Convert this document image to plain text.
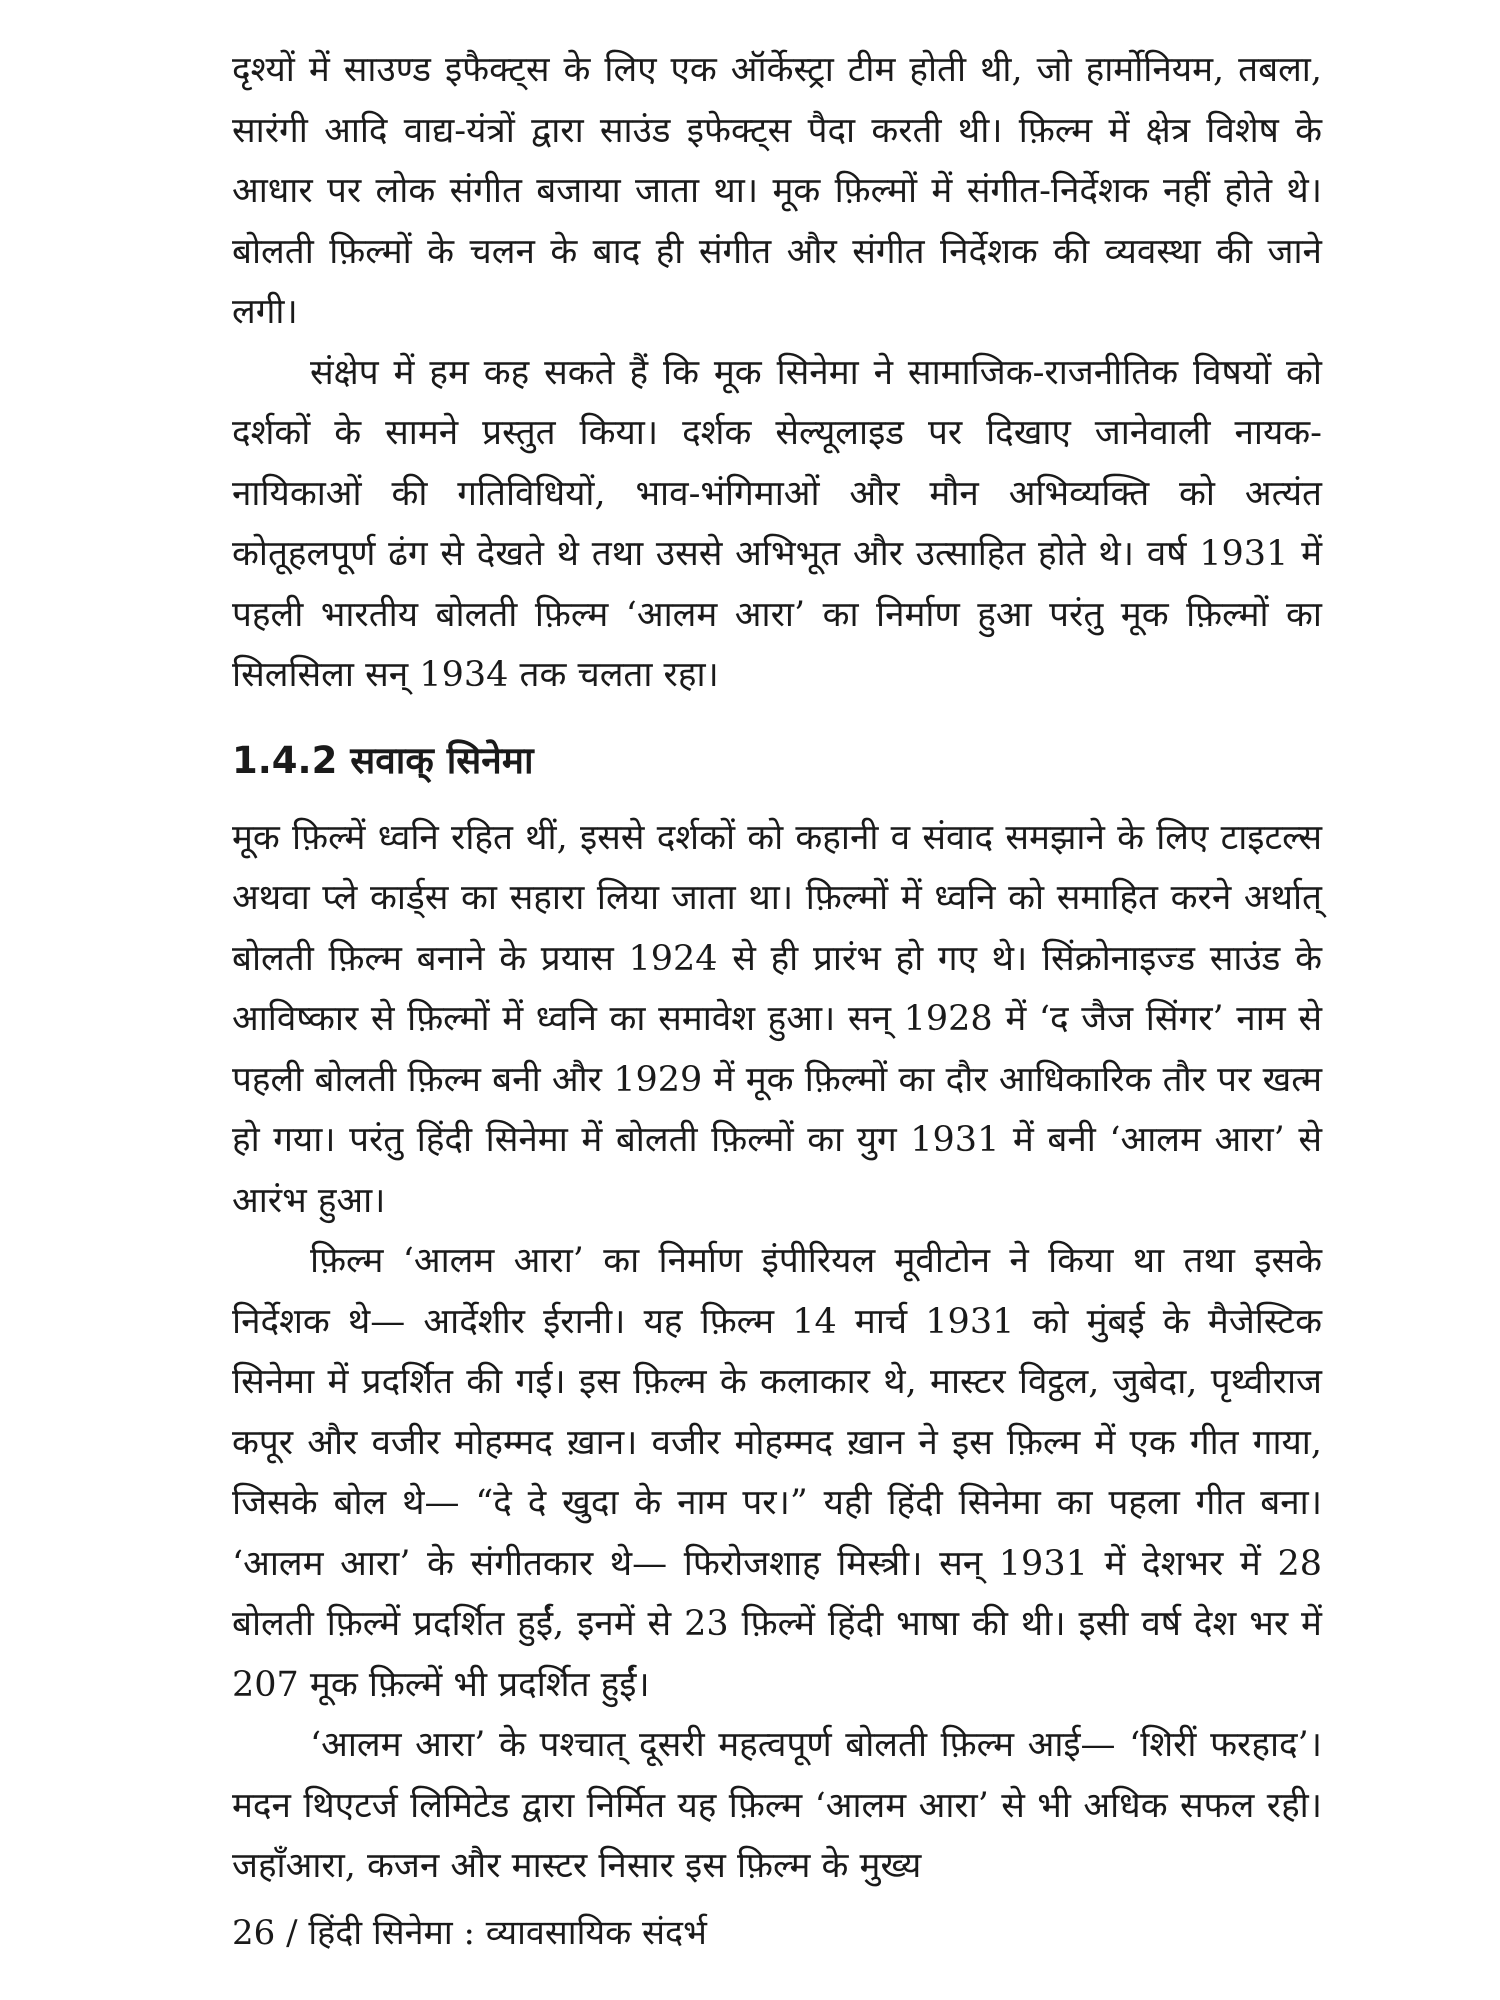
दृश्यों में साउण्ड इफैक्ट्स के लिए एक ऑर्केस्ट्रा टीम होती थी, जो हार्मोनियम, तबला, सारंगी आदि वाद्य-यंत्रों द्वारा साउंड इफेक्ट्स पैदा करती थी। फ़िल्म में क्षेत्र विशेष के आधार पर लोक संगीत बजाया जाता था। मूक फ़िल्मों में संगीत-निर्देशक नहीं होते थे। बोलती फ़िल्मों के चलन के बाद ही संगीत और संगीत निर्देशक की व्यवस्था की जाने लगी।

संक्षेप में हम कह सकते हैं कि मूक सिनेमा ने सामाजिक-राजनीतिक विषयों को दर्शकों के सामने प्रस्तुत किया। दर्शक सेल्यूलाइड पर दिखाए जानेवाली नायक-नायिकाओं की गतिविधियों, भाव-भंगिमाओं और मौन अभिव्यक्ति को अत्यंत कोतूहलपूर्ण ढंग से देखते थे तथा उससे अभिभूत और उत्साहित होते थे। वर्ष 1931 में पहली भारतीय बोलती फ़िल्म ‘आलम आरा’ का निर्माण हुआ परंतु मूक फ़िल्मों का सिलसिला सन् 1934 तक चलता रहा।

1.4.2 सवाक् सिनेमा

मूक फ़िल्में ध्वनि रहित थीं, इससे दर्शकों को कहानी व संवाद समझाने के लिए टाइटल्स अथवा प्ले कार्ड्स का सहारा लिया जाता था। फ़िल्मों में ध्वनि को समाहित करने अर्थात् बोलती फ़िल्म बनाने के प्रयास 1924 से ही प्रारंभ हो गए थे। सिंक्रोनाइज्ड साउंड के आविष्कार से फ़िल्मों में ध्वनि का समावेश हुआ। सन् 1928 में ‘द जैज सिंगर’ नाम से पहली बोलती फ़िल्म बनी और 1929 में मूक फ़िल्मों का दौर आधिकारिक तौर पर खत्म हो गया। परंतु हिंदी सिनेमा में बोलती फ़िल्मों का युग 1931 में बनी ‘आलम आरा’ से आरंभ हुआ।

फ़िल्म ‘आलम आरा’ का निर्माण इंपीरियल मूवीटोन ने किया था तथा इसके निर्देशक थे— आर्देशीर ईरानी। यह फ़िल्म 14 मार्च 1931 को मुंबई के मैजेस्टिक सिनेमा में प्रदर्शित की गई। इस फ़िल्म के कलाकार थे, मास्टर विट्ठल, जुबेदा, पृथ्वीराज कपूर और वजीर मोहम्मद ख़ान। वजीर मोहम्मद ख़ान ने इस फ़िल्म में एक गीत गाया, जिसके बोल थे— “दे दे खुदा के नाम पर।” यही हिंदी सिनेमा का पहला गीत बना। ‘आलम आरा’ के संगीतकार थे— फिरोजशाह मिस्त्री। सन् 1931 में देशभर में 28 बोलती फ़िल्में प्रदर्शित हुईं, इनमें से 23 फ़िल्में हिंदी भाषा की थी। इसी वर्ष देश भर में 207 मूक फ़िल्में भी प्रदर्शित हुईं।

‘आलम आरा’ के पश्चात् दूसरी महत्वपूर्ण बोलती फ़िल्म आई— ‘शिरीं फरहाद’। मदन थिएटर्ज लिमिटेड द्वारा निर्मित यह फ़िल्म ‘आलम आरा’ से भी अधिक सफल रही। जहाँआरा, कजन और मास्टर निसार इस फ़िल्म के मुख्य

26 ∕ हिंदी सिनेमा : व्यावसायिक संदर्भ
